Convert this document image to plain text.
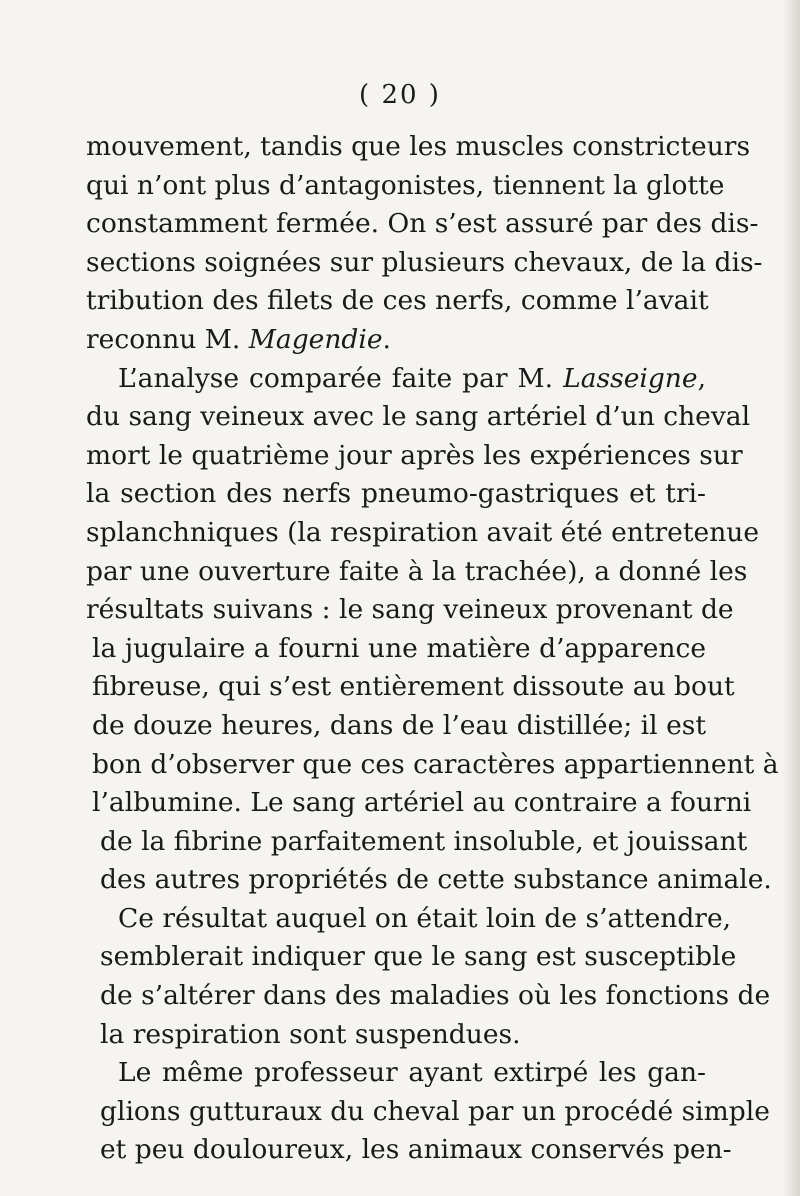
( 20 )
mouvement, tandis que les muscles constricteurs
qui n’ont plus d’antagonistes, tiennent la glotte
constamment fermée. On s’est assuré par des dis-
sections soignées sur plusieurs chevaux, de la dis-
tribution des filets de ces nerfs, comme l’avait
reconnu M. Magendie.
L’analyse comparée faite par M. Lasseigne,
du sang veineux avec le sang artériel d’un cheval
mort le quatrième jour après les expériences sur
la section des nerfs pneumo-gastriques et tri-
splanchniques (la respiration avait été entretenue
par une ouverture faite à la trachée), a donné les
résultats suivans : le sang veineux provenant de
la jugulaire a fourni une matière d’apparence
fibreuse, qui s’est entièrement dissoute au bout
de douze heures, dans de l’eau distillée; il est
bon d’observer que ces caractères appartiennent à
l’albumine. Le sang artériel au contraire a fourni
de la fibrine parfaitement insoluble, et jouissant
des autres propriétés de cette substance animale.
Ce résultat auquel on était loin de s’attendre,
semblerait indiquer que le sang est susceptible
de s’altérer dans des maladies où les fonctions de
la respiration sont suspendues.
Le même professeur ayant extirpé les gan-
glions gutturaux du cheval par un procédé simple
et peu douloureux, les animaux conservés pen-
